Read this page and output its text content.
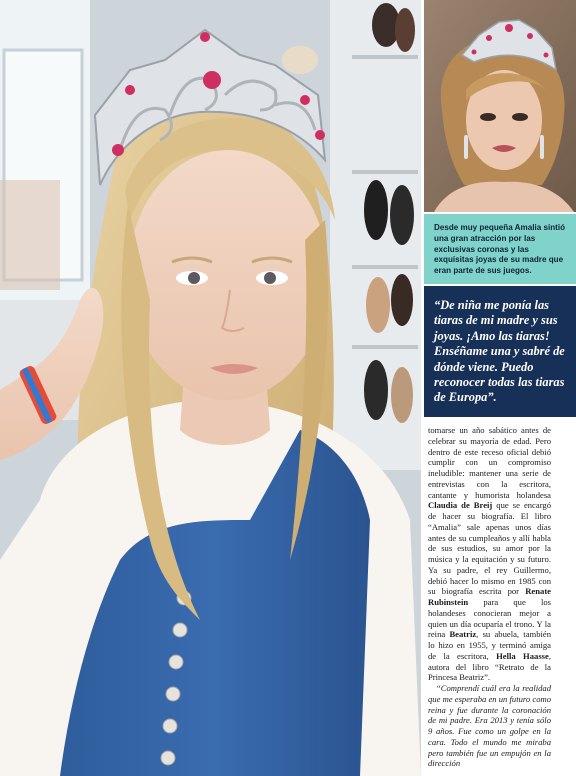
Desde muy pequeña Amalia sintió una gran atracción por las exclusivas coronas y las exquisitas joyas de su madre que eran parte de sus juegos.

“De niña me ponía las tiaras de mi madre y sus joyas. ¡Amo las tiaras! Enséñame una y sabré de dónde viene. Puedo reconocer todas las tiaras de Europa”.

tomarse un año sabático antes de celebrar su mayoría de edad. Pero dentro de este receso oficial debió cumplir con un compromiso ineludible: mantener una serie de entrevistas con la escritora, cantante y humorista holandesa Claudia de Breij que se encargó de hacer su biografía. El libro “Amalia” sale apenas unos días antes de su cumpleaños y allí habla de sus estudios, su amor por la música y la equitación y su futuro. Ya su padre, el rey Guillermo, debió hacer lo mismo en 1985 con su biografía escrita por Renate Rubinstein para que los holandeses conocieran mejor a quien un día ocuparía el trono. Y la reina Beatriz, su abuela, también lo hizo en 1955, y terminó amiga de la escritora, Hella Haasse, autora del libro “Retrato de la Princesa Beatriz”.

“Comprendí cuál era la realidad que me esperaba en un futuro como reina y fue durante la coronación de mi padre. Era 2013 y tenía sólo 9 años. Fue como un golpe en la cara. Todo el mundo me miraba pero también fue un empujón en la dirección
